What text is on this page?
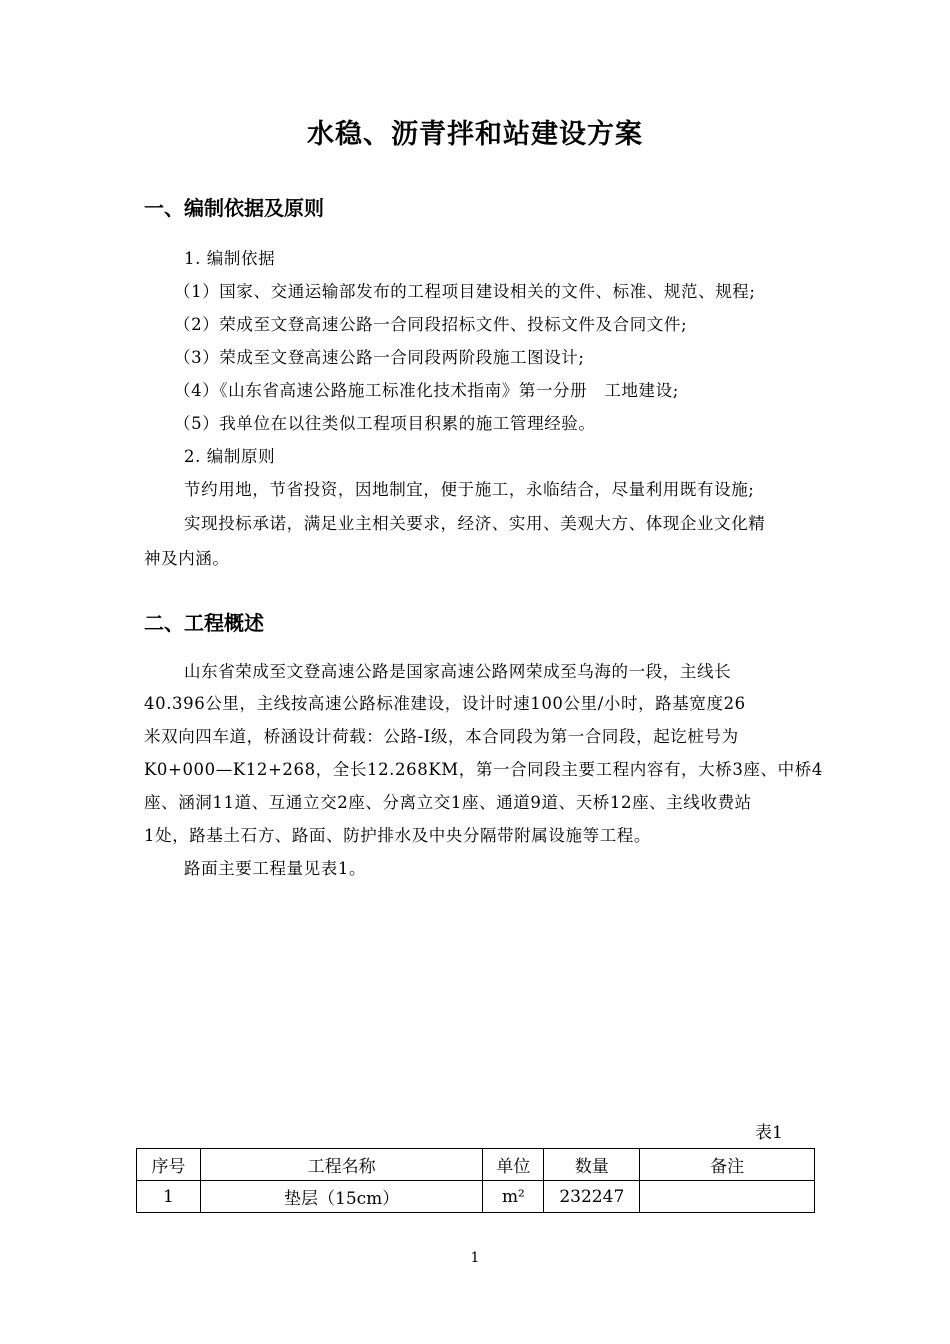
水稳、沥青拌和站建设方案
一、编制依据及原则
1. 编制依据
（1）国家、交通运输部发布的工程项目建设相关的文件、标准、规范、规程;
（2）荣成至文登高速公路一合同段招标文件、投标文件及合同文件;
（3）荣成至文登高速公路一合同段两阶段施工图设计;
（4）《山东省高速公路施工标准化技术指南》第一分册　工地建设;
（5）我单位在以往类似工程项目积累的施工管理经验。
2. 编制原则
节约用地，节省投资，因地制宜，便于施工，永临结合，尽量利用既有设施;
实现投标承诺，满足业主相关要求，经济、实用、美观大方、体现企业文化精
神及内涵。
二、工程概述
山东省荣成至文登高速公路是国家高速公路网荣成至乌海的一段，主线长
40.396公里，主线按高速公路标准建设，设计时速100公里/小时，路基宽度26
米双向四车道，桥涵设计荷载：公路-Ⅰ级，本合同段为第一合同段，起讫桩号为
K0+000—K12+268，全长12.268KM，第一合同段主要工程内容有，大桥3座、中桥4
座、涵洞11道、互通立交2座、分离立交1座、通道9道、天桥12座、主线收费站
1处，路基土石方、路面、防护排水及中央分隔带附属设施等工程。
路面主要工程量见表1。
表1
序号	工程名称	单位	数量	备注
1	垫层（15cm）	m²	232247	
1
